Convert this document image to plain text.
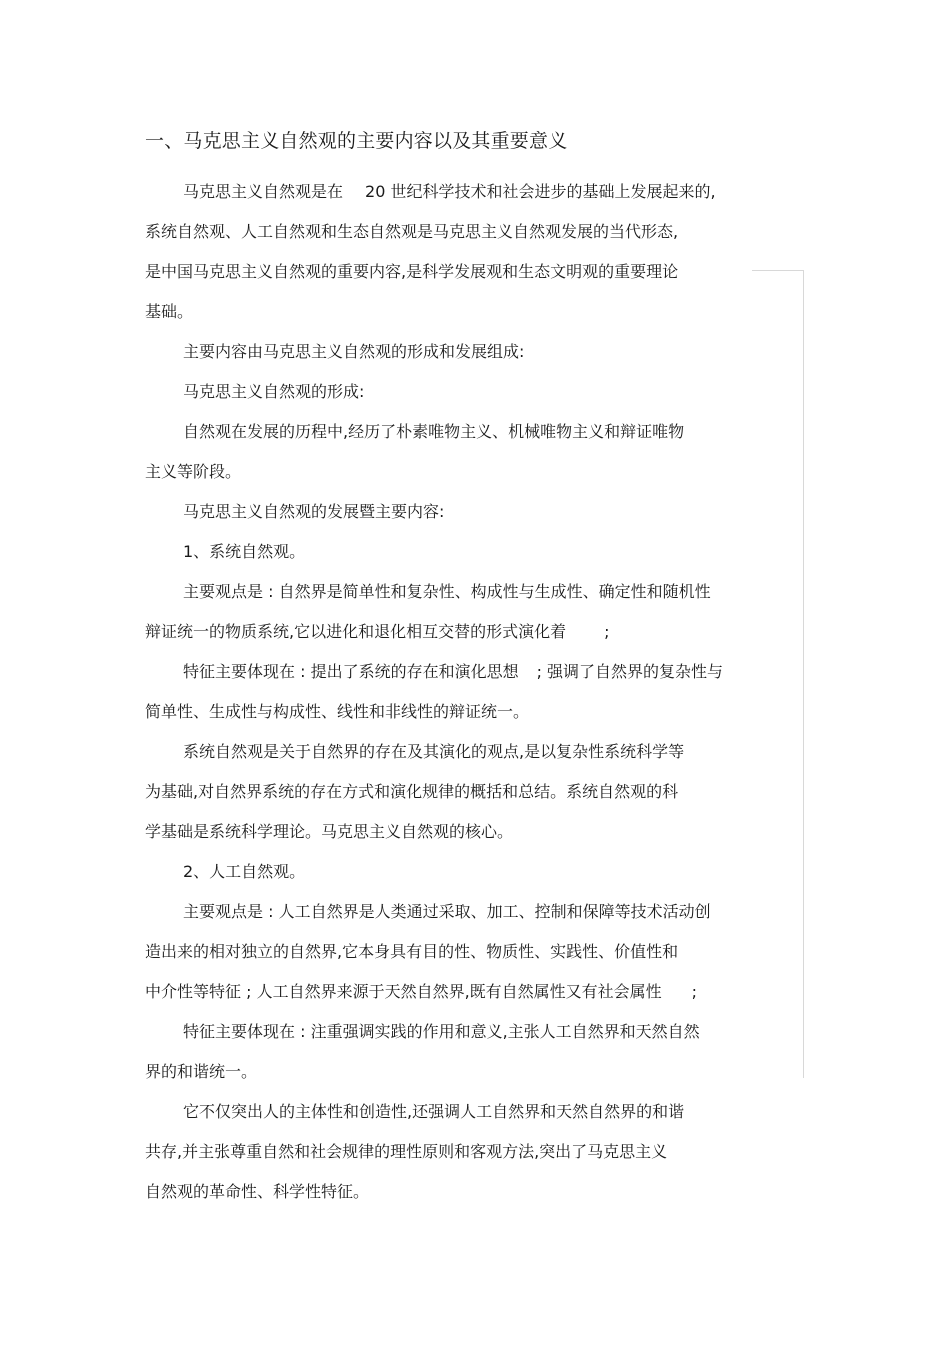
一、马克思主义自然观的主要内容以及其重要意义
马克思主义自然观是在 20 世纪科学技术和社会进步的基础上发展起来的,
系统自然观、人工自然观和生态自然观是马克思主义自然观发展的当代形态,
是中国马克思主义自然观的重要内容,是科学发展观和生态文明观的重要理论
基础。
主要内容由马克思主义自然观的形成和发展组成:
马克思主义自然观的形成:
自然观在发展的历程中,经历了朴素唯物主义、机械唯物主义和辩证唯物
主义等阶段。
马克思主义自然观的发展暨主要内容:
1、系统自然观。
主要观点是 : 自然界是简单性和复杂性、构成性与生成性、确定性和随机性
辩证统一的物质系统,它以进化和退化相互交替的形式演化着 ;
特征主要体现在 : 提出了系统的存在和演化思想 ; 强调了自然界的复杂性与
简单性、生成性与构成性、线性和非线性的辩证统一。
系统自然观是关于自然界的存在及其演化的观点,是以复杂性系统科学等
为基础,对自然界系统的存在方式和演化规律的概括和总结。系统自然观的科
学基础是系统科学理论。马克思主义自然观的核心。
2、人工自然观。
主要观点是 : 人工自然界是人类通过采取、加工、控制和保障等技术活动创
造出来的相对独立的自然界,它本身具有目的性、物质性、实践性、价值性和
中介性等特征 ; 人工自然界来源于天然自然界,既有自然属性又有社会属性 ;
特征主要体现在 : 注重强调实践的作用和意义,主张人工自然界和天然自然
界的和谐统一。
它不仅突出人的主体性和创造性,还强调人工自然界和天然自然界的和谐
共存,并主张尊重自然和社会规律的理性原则和客观方法,突出了马克思主义
自然观的革命性、科学性特征。
